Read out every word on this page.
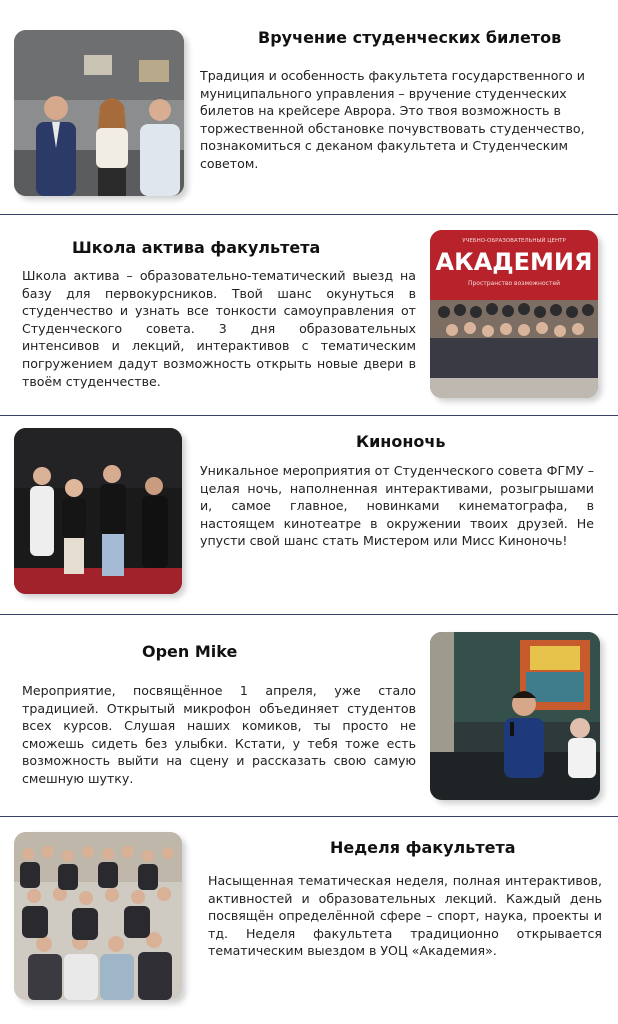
Вручение студенческих билетов
Традиция и особенность факультета государственного и муниципального управления – вручение студенческих билетов на крейсере Аврора. Это твоя возможность в торжественной обстановке почувствовать студенчество, познакомиться с деканом факультета и Студенческим советом.
Школа актива факультета
Школа актива – образовательно-тематический выезд на базу для первокурсников. Твой шанс окунуться в студенчество и узнать все тонкости самоуправления от Студенческого совета. 3 дня образовательных интенсивов и лекций, интерактивов с тематическим погружением дадут возможность открыть новые двери в твоём студенчестве.
УЧЕБНО-ОБРАЗОВАТЕЛЬНЫЙ ЦЕНТР
АКАДЕМИЯ
Пространство возможностей
Киноночь
Уникальное мероприятия от Студенческого совета ФГМУ – целая ночь, наполненная интерактивами, розыгрышами и, самое главное, новинками кинематографа, в настоящем кинотеатре в окружении твоих друзей. Не упусти свой шанс стать Мистером или Мисс Киноночь!
Open Mike
Мероприятие, посвящённое 1 апреля, уже стало традицией. Открытый микрофон объединяет студентов всех курсов. Слушая наших комиков, ты просто не сможешь сидеть без улыбки. Кстати, у тебя тоже есть возможность выйти на сцену и рассказать свою самую смешную шутку.
Неделя факультета
Насыщенная тематическая неделя, полная интерактивов, активностей и образовательных лекций. Каждый день посвящён определённой сфере – спорт, наука, проекты и тд. Неделя факультета традиционно открывается тематическим выездом в УОЦ «Академия».
